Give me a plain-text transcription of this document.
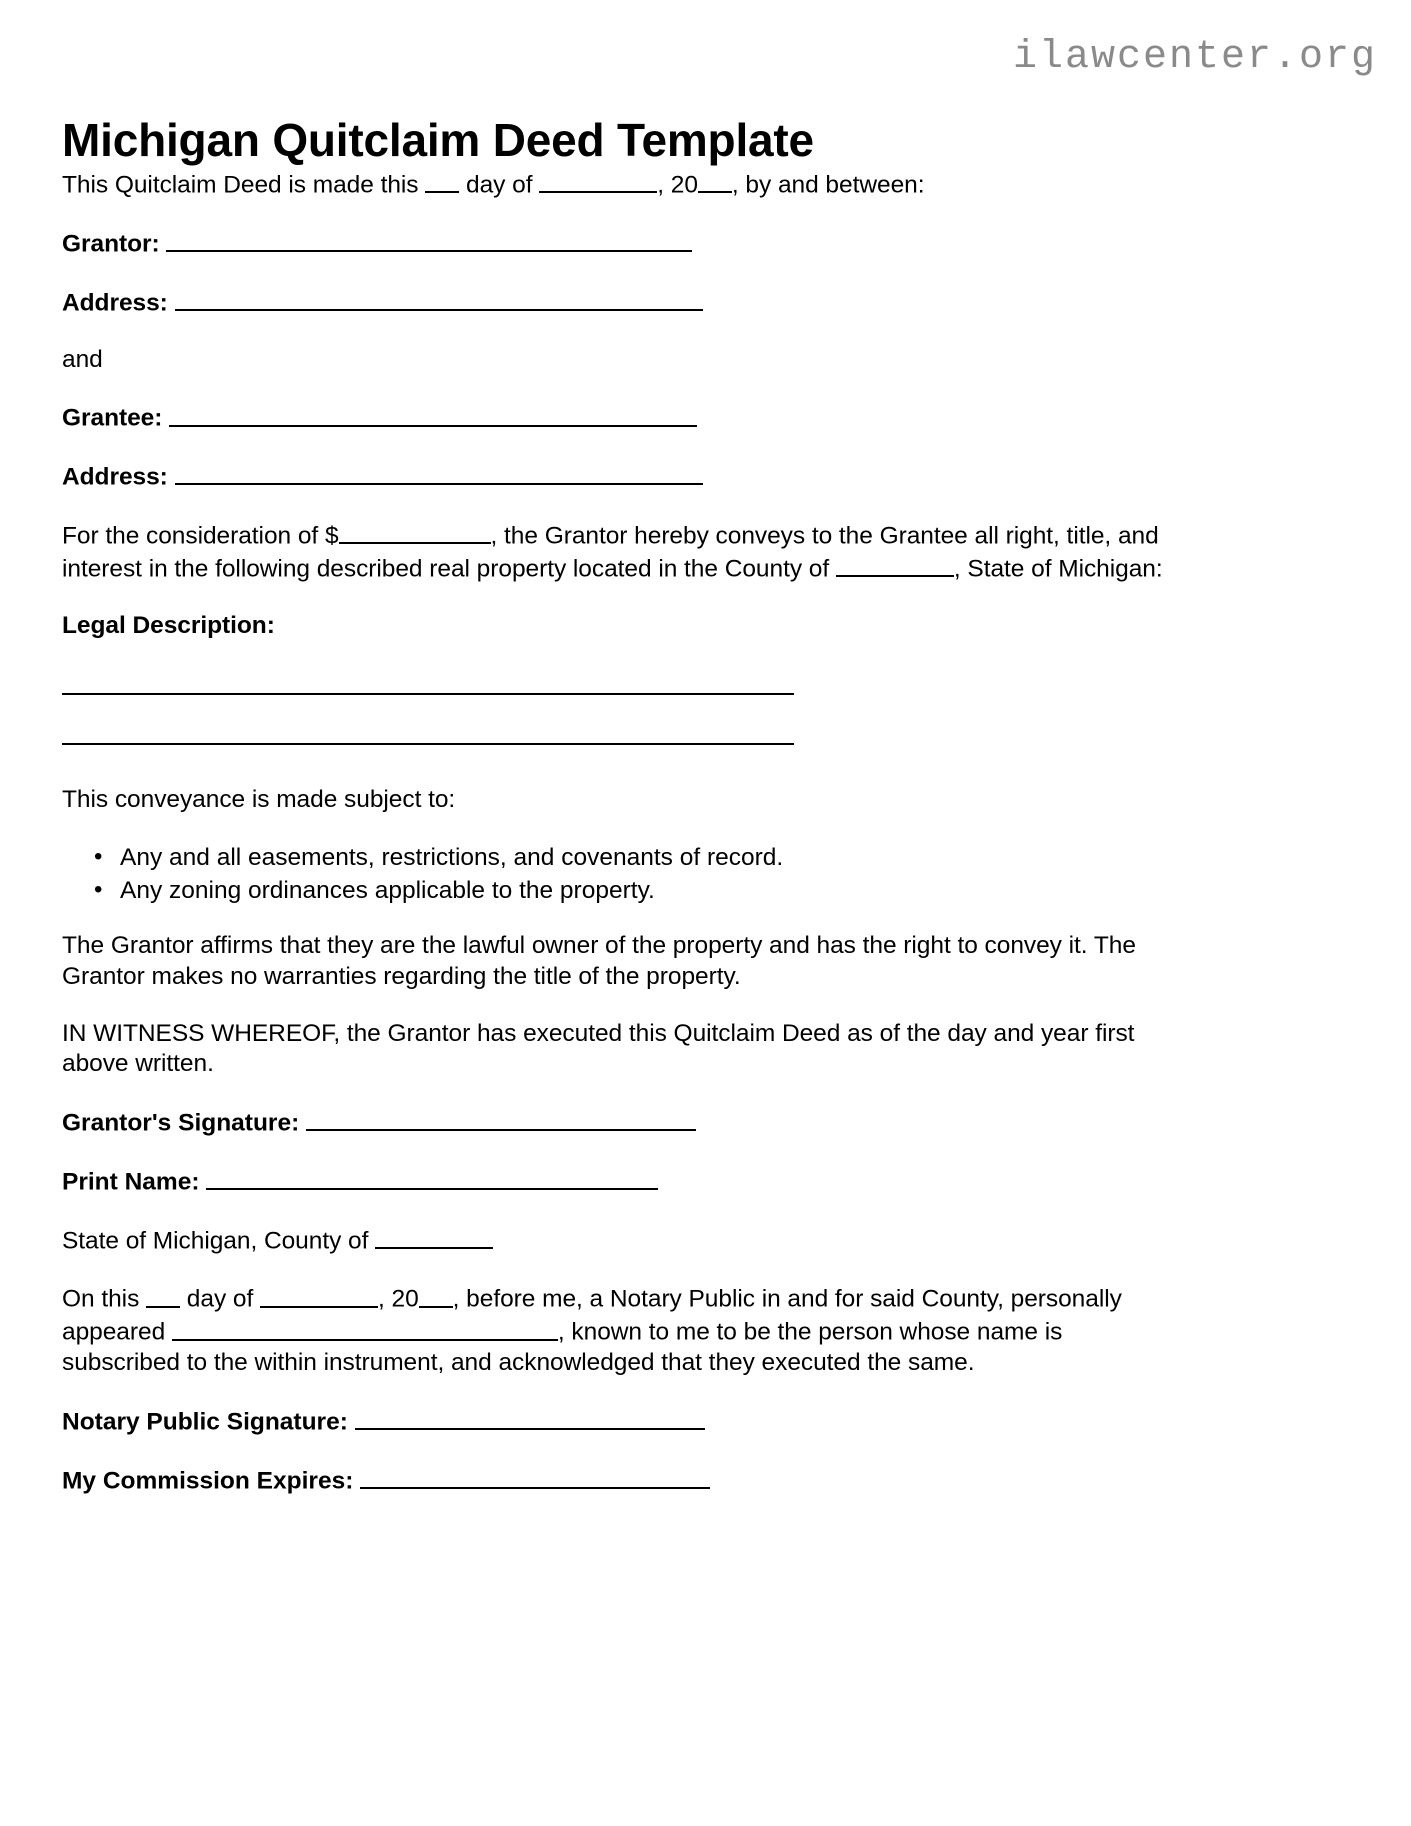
ilawcenter.org
Michigan Quitclaim Deed Template

This Quitclaim Deed is made this  day of	, 20 , by and between:

Grantor:

Address:

and

Grantee:

Address:

For the consideration of $	, the Grantor hereby conveys to the Grantee all right, title, and interest in the following described real property located in the County of	, State of Michigan:

Legal Description:

This conveyance is made subject to:

• Any and all easements, restrictions, and covenants of record.
• Any zoning ordinances applicable to the property.

The Grantor affirms that they are the lawful owner of the property and has the right to convey it. The Grantor makes no warranties regarding the title of the property.

IN WITNESS WHEREOF, the Grantor has executed this Quitclaim Deed as of the day and year first above written.

Grantor's Signature:

Print Name:

State of Michigan, County of

On this  day of	, 20 , before me, a Notary Public in and for said County, personally appeared	, known to me to be the person whose name is subscribed to the within instrument, and acknowledged that they executed the same.

Notary Public Signature:

My Commission Expires:
